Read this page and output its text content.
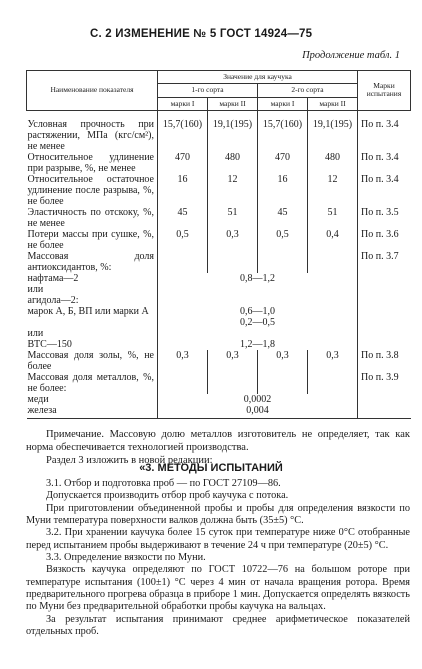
С. 2 ИЗМЕНЕНИЕ № 5 ГОСТ 14924—75
Продолжение табл. 1
Наименование показателя	Значение для каучука				Марки испытания
	1-го сорта		2-го сорта		
	марки I	марки II	марки I	марки II	
Условная прочность при растяжении, МПа (кгс/см²), не менее	15,7(160)	19,1(195)	15,7(160)	19,1(195)	По п. 3.4
Относительное удлинение при разрыве, %, не менее	470	480	470	480	По п. 3.4
Относительное остаточное удлинение после разрыва, %, не более	16	12	16	12	По п. 3.4
Эластичность по отскоку, %, не менее	45	51	45	51	По п. 3.5
Потери массы при сушке, %, не более	0,5	0,3	0,5	0,4	По п. 3.6
Массовая доля антиоксидантов, %:					По п. 3.7
нафтама—2	0,8—1,2				
или					
агидола—2:					
марок А, Б, ВП или марки А	0,6—1,0
0,2—0,5				
или					
ВТС—150	1,2—1,8				
Массовая доля золы, %, не более	0,3	0,3	0,3	0,3	По п. 3.8
Массовая доля металлов, %, не более:					По п. 3.9
меди	0,0002				
железа	0,004				

Примечание. Массовую долю металлов изготовитель не определяет, так как норма обеспечивается технологией производства.

Раздел 3 изложить в новой редакции:

«3. МЕТОДЫ ИСПЫТАНИЙ

3.1. Отбор и подготовка проб — по ГОСТ 27109—86.

Допускается производить отбор проб каучука с потока.

При приготовлении объединенной пробы и пробы для определения вязкости по Муни температура поверхности валков должна быть (35±5) °С.

3.2. При хранении каучука более 15 суток при температуре ниже 0°С отобранные перед испытанием пробы выдерживают в течение 24 ч при температуре (20±5) °С.

3.3. Определение вязкости по Муни.

Вязкость каучука определяют по ГОСТ 10722—76 на большом роторе при температуре испытания (100±1) °С через 4 мин от начала вращения ротора. Время предварительного прогрева образца в приборе 1 мин. Допускается определять вязкость по Муни без предварительной обработки пробы каучука на вальцах.

За результат испытания принимают среднее арифметическое показателей отдельных проб.
